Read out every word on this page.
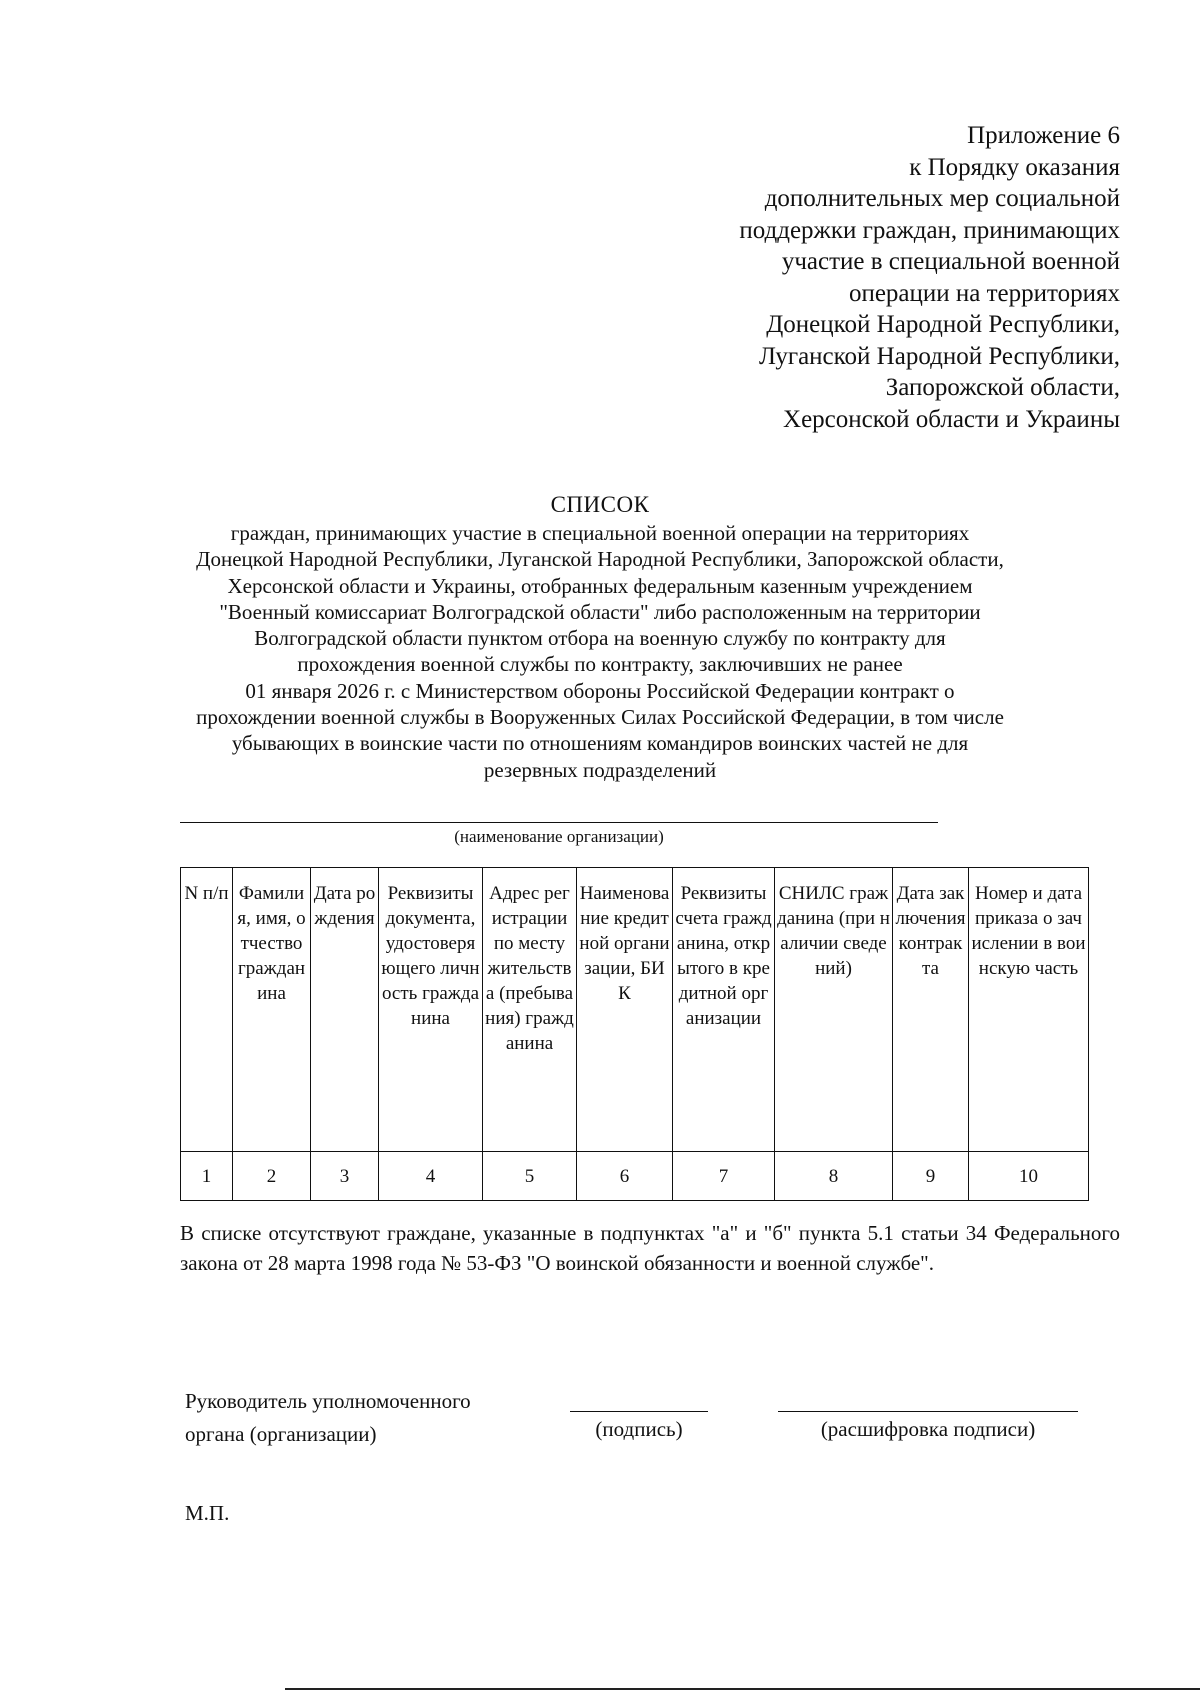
Приложение 6
к Порядку оказания
дополнительных мер социальной
поддержки граждан, принимающих
участие в специальной военной
операции на территориях
Донецкой Народной Республики,
Луганской Народной Республики,
Запорожской области,
Херсонской области и Украины
СПИСОК
граждан, принимающих участие в специальной военной операции на территориях
Донецкой Народной Республики, Луганской Народной Республики, Запорожской области,
Херсонской области и Украины, отобранных федеральным казенным учреждением
"Военный комиссариат Волгоградской области" либо расположенным на территории
Волгоградской области пунктом отбора на военную службу по контракту для
прохождения военной службы по контракту, заключивших не ранее
01 января 2026 г. с Министерством обороны Российской Федерации контракт о
прохождении военной службы в Вооруженных Силах Российской Федерации, в том числе
убывающих в воинские части по отношениям командиров воинских частей не для
резервных подразделений
(наименование организации)
N п/п	Фамилия, имя, отчество гражданина	Дата рождения	Реквизиты документа, удостоверяющего личность гражданина	Адрес регистрации по месту жительства (пребывания) гражданина	Наименование кредитной организации, БИК	Реквизиты счета гражданина, открытого в кредитной организации	СНИЛС гражданина (при наличии сведений)	Дата заключения контракта	Номер и дата приказа о зачислении в воинскую часть
1	2	3	4	5	6	7	8	9	10
В списке отсутствуют граждане, указанные в подпунктах "а" и "б" пункта 5.1 статьи 34 Федерального закона от 28 марта 1998 года № 53-ФЗ "О воинской обязанности и военной службе".
Руководитель уполномоченного
органа (организации)	(подпись)	(расшифровка подписи)
М.П.
